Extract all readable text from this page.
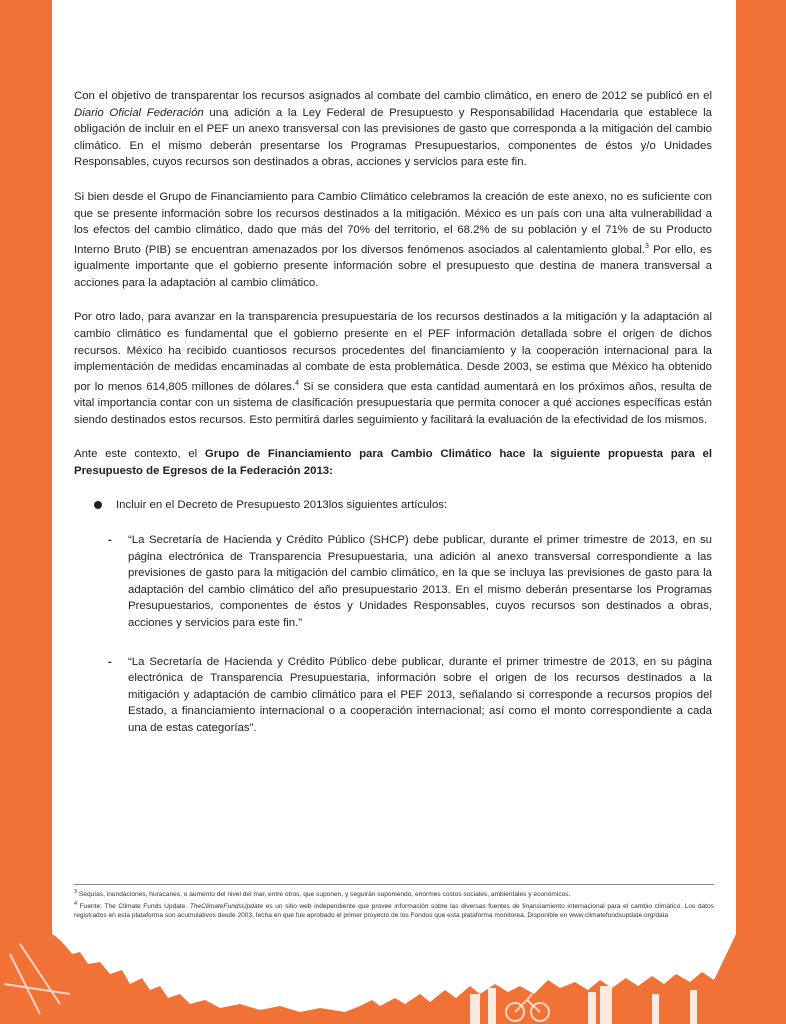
Con el objetivo de transparentar los recursos asignados al combate del cambio climático, en enero de 2012 se publicó en el Diario Oficial Federación una adición a la Ley Federal de Presupuesto y Responsabilidad Hacendaria que establece la obligación de incluir en el PEF un anexo transversal con las previsiones de gasto que corresponda a la mitigación del cambio climático. En el mismo deberán presentarse los Programas Presupuestarios, componentes de éstos y/o Unidades Responsables, cuyos recursos son destinados a obras, acciones y servicios para este fin.

Si bien desde el Grupo de Financiamiento para Cambio Climático celebramos la creación de este anexo, no es suficiente con que se presente información sobre los recursos destinados a la mitigación. México es un país con una alta vulnerabilidad a los efectos del cambio climático, dado que más del 70% del territorio, el 68.2% de su población y el 71% de su Producto Interno Bruto (PIB) se encuentran amenazados por los diversos fenómenos asociados al calentamiento global.$^3$ Por ello, es igualmente importante que el gobierno presente información sobre el presupuesto que destina de manera transversal a acciones para la adaptación al cambio climático.

Por otro lado, para avanzar en la transparencia presupuestaria de los recursos destinados a la mitigación y la adaptación al cambio climático es fundamental que el gobierno presente en el PEF información detallada sobre el origen de dichos recursos. México ha recibido cuantiosos recursos procedentes del financiamiento y la cooperación internacional para la implementación de medidas encaminadas al combate de esta problemática. Desde 2003, se estima que México ha obtenido por lo menos 614,805 millones de dólares.$^4$ Si se considera que esta cantidad aumentará en los próximos años, resulta de vital importancia contar con un sistema de clasificación presupuestaria que permita conocer a qué acciones específicas están siendo destinados estos recursos. Esto permitirá darles seguimiento y facilitará la evaluación de la efectividad de los mismos.

Ante este contexto, el Grupo de Financiamiento para Cambio Climático hace la siguiente propuesta para el Presupuesto de Egresos de la Federación 2013:

Incluir en el Decreto de Presupuesto 2013los siguientes artículos:
-	“La Secretaría de Hacienda y Crédito Público (SHCP) debe publicar, durante el primer trimestre de 2013, en su página electrónica de Transparencia Presupuestaria, una adición al anexo transversal correspondiente a las previsiones de gasto para la mitigación del cambio climático, en la que se incluya las previsiones de gasto para la adaptación del cambio climático del año presupuestario 2013. En el mismo deberán presentarse los Programas Presupuestarios, componentes de éstos y Unidades Responsables, cuyos recursos son destinados a obras, acciones y servicios para este fin.”
-	“La Secretaría de Hacienda y Crédito Público debe publicar, durante el primer trimestre de 2013, en su página electrónica de Transparencia Presupuestaria, información sobre el origen de los recursos destinados a la mitigación y adaptación de cambio climático para el PEF 2013, señalando si corresponde a recursos propios del Estado, a financiamiento internacional o a cooperación internacional; así como el monto correspondiente a cada una de estas categorías”.
$^3$ Sequías, inundaciones, huracanes, o aumento del nivel del mar, entre otros, que suponen, y seguirán suponiendo, enormes costos sociales, ambientales y económicos.
$^4$ Fuente: The Climate Funds Update. TheClimateFundsUpdate es un sitio web independiente que provee información sobre las diversas fuentes de financiamiento internacional para el cambio climático. Los datos registrados en esta plataforma son acumulativos desde 2003, fecha en que fue aprobado el primer proyecto de los Fondos que esta plataforma monitorea. Disponible en www.climatefundsupdate.org/data
